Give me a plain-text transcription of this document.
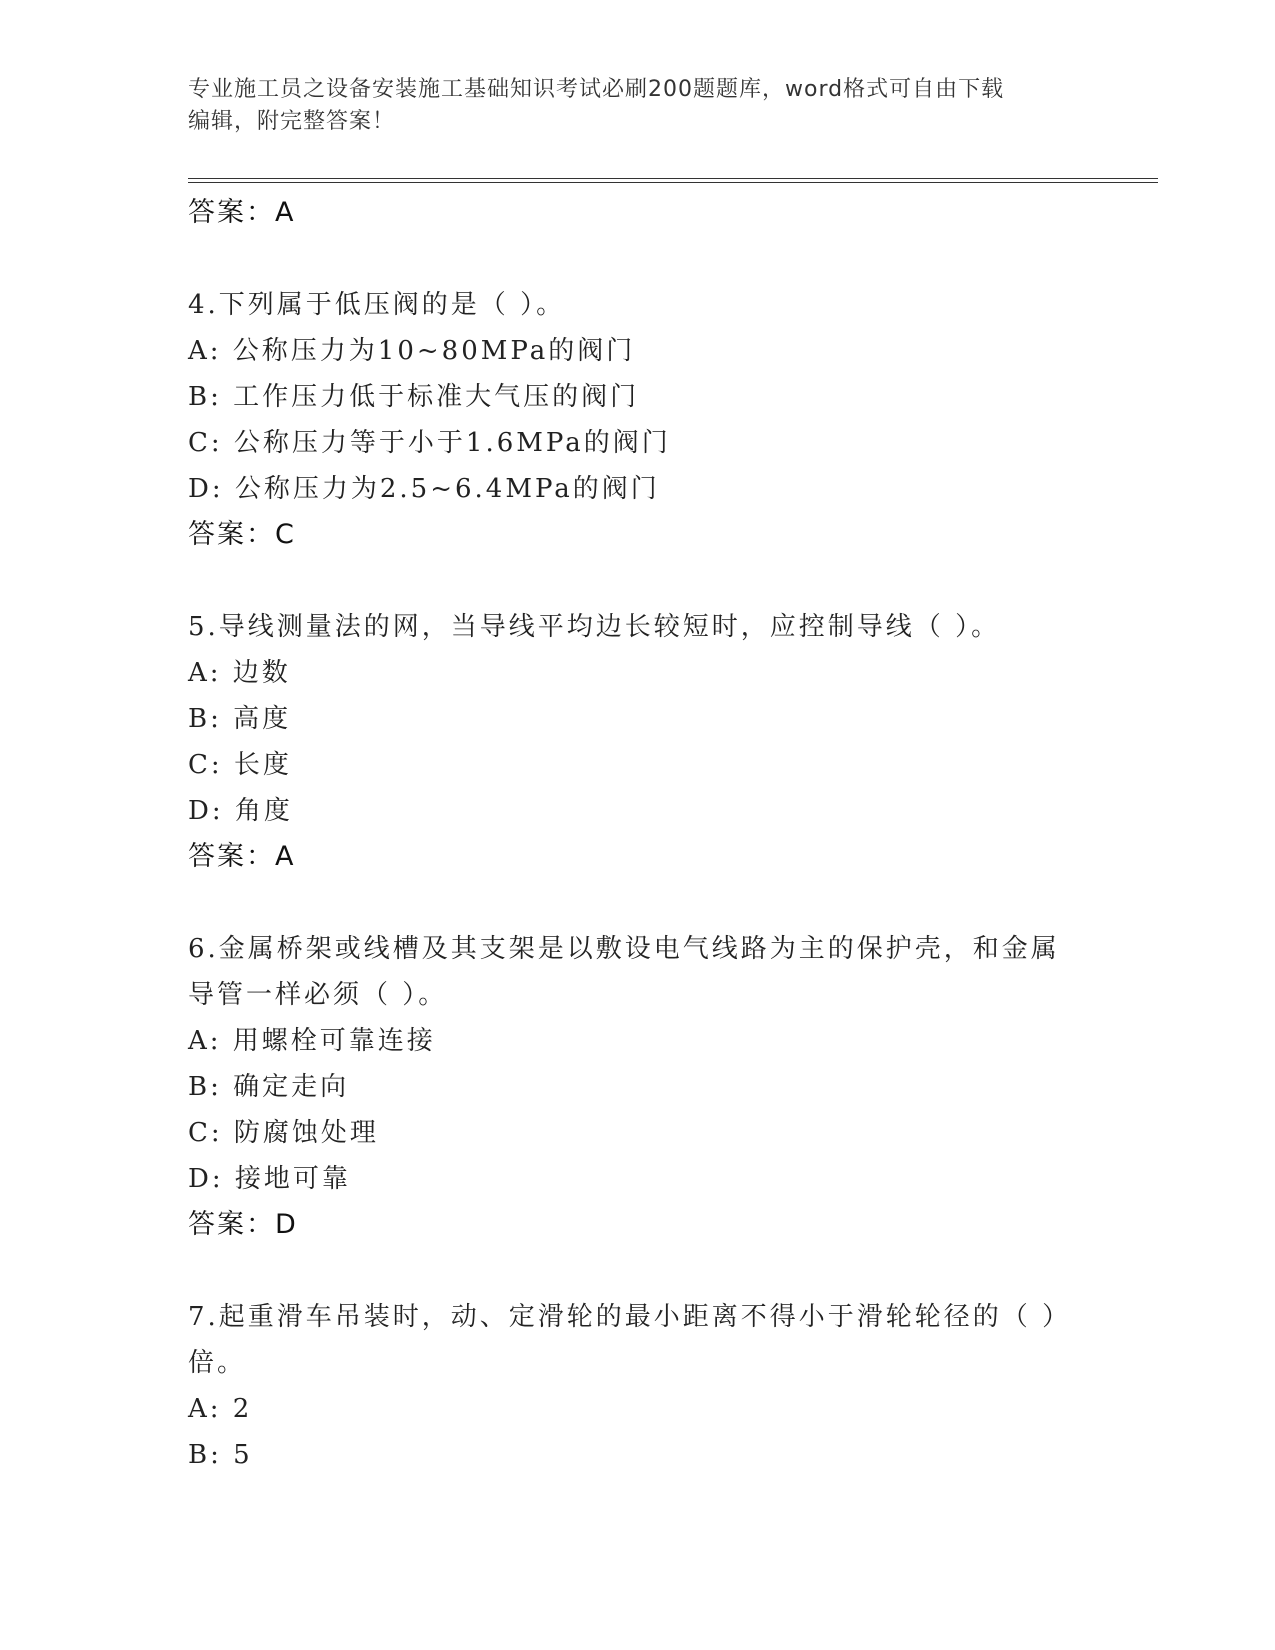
专业施工员之设备安装施工基础知识考试必刷200题题库，word格式可自由下载
编辑，附完整答案！
答案：A
4.下列属于低压阀的是（ ）。
A: 公称压力为10~80MPa的阀门
B: 工作压力低于标准大气压的阀门
C: 公称压力等于小于1.6MPa的阀门
D: 公称压力为2.5~6.4MPa的阀门
答案：C
5.导线测量法的网，当导线平均边长较短时，应控制导线（ ）。
A: 边数
B: 高度
C: 长度
D: 角度
答案：A
6.金属桥架或线槽及其支架是以敷设电气线路为主的保护壳，和金属
导管一样必须（ ）。
A: 用螺栓可靠连接
B: 确定走向
C: 防腐蚀处理
D: 接地可靠
答案：D
7.起重滑车吊装时，动、定滑轮的最小距离不得小于滑轮轮径的（ ）
倍。
A: 2
B: 5
